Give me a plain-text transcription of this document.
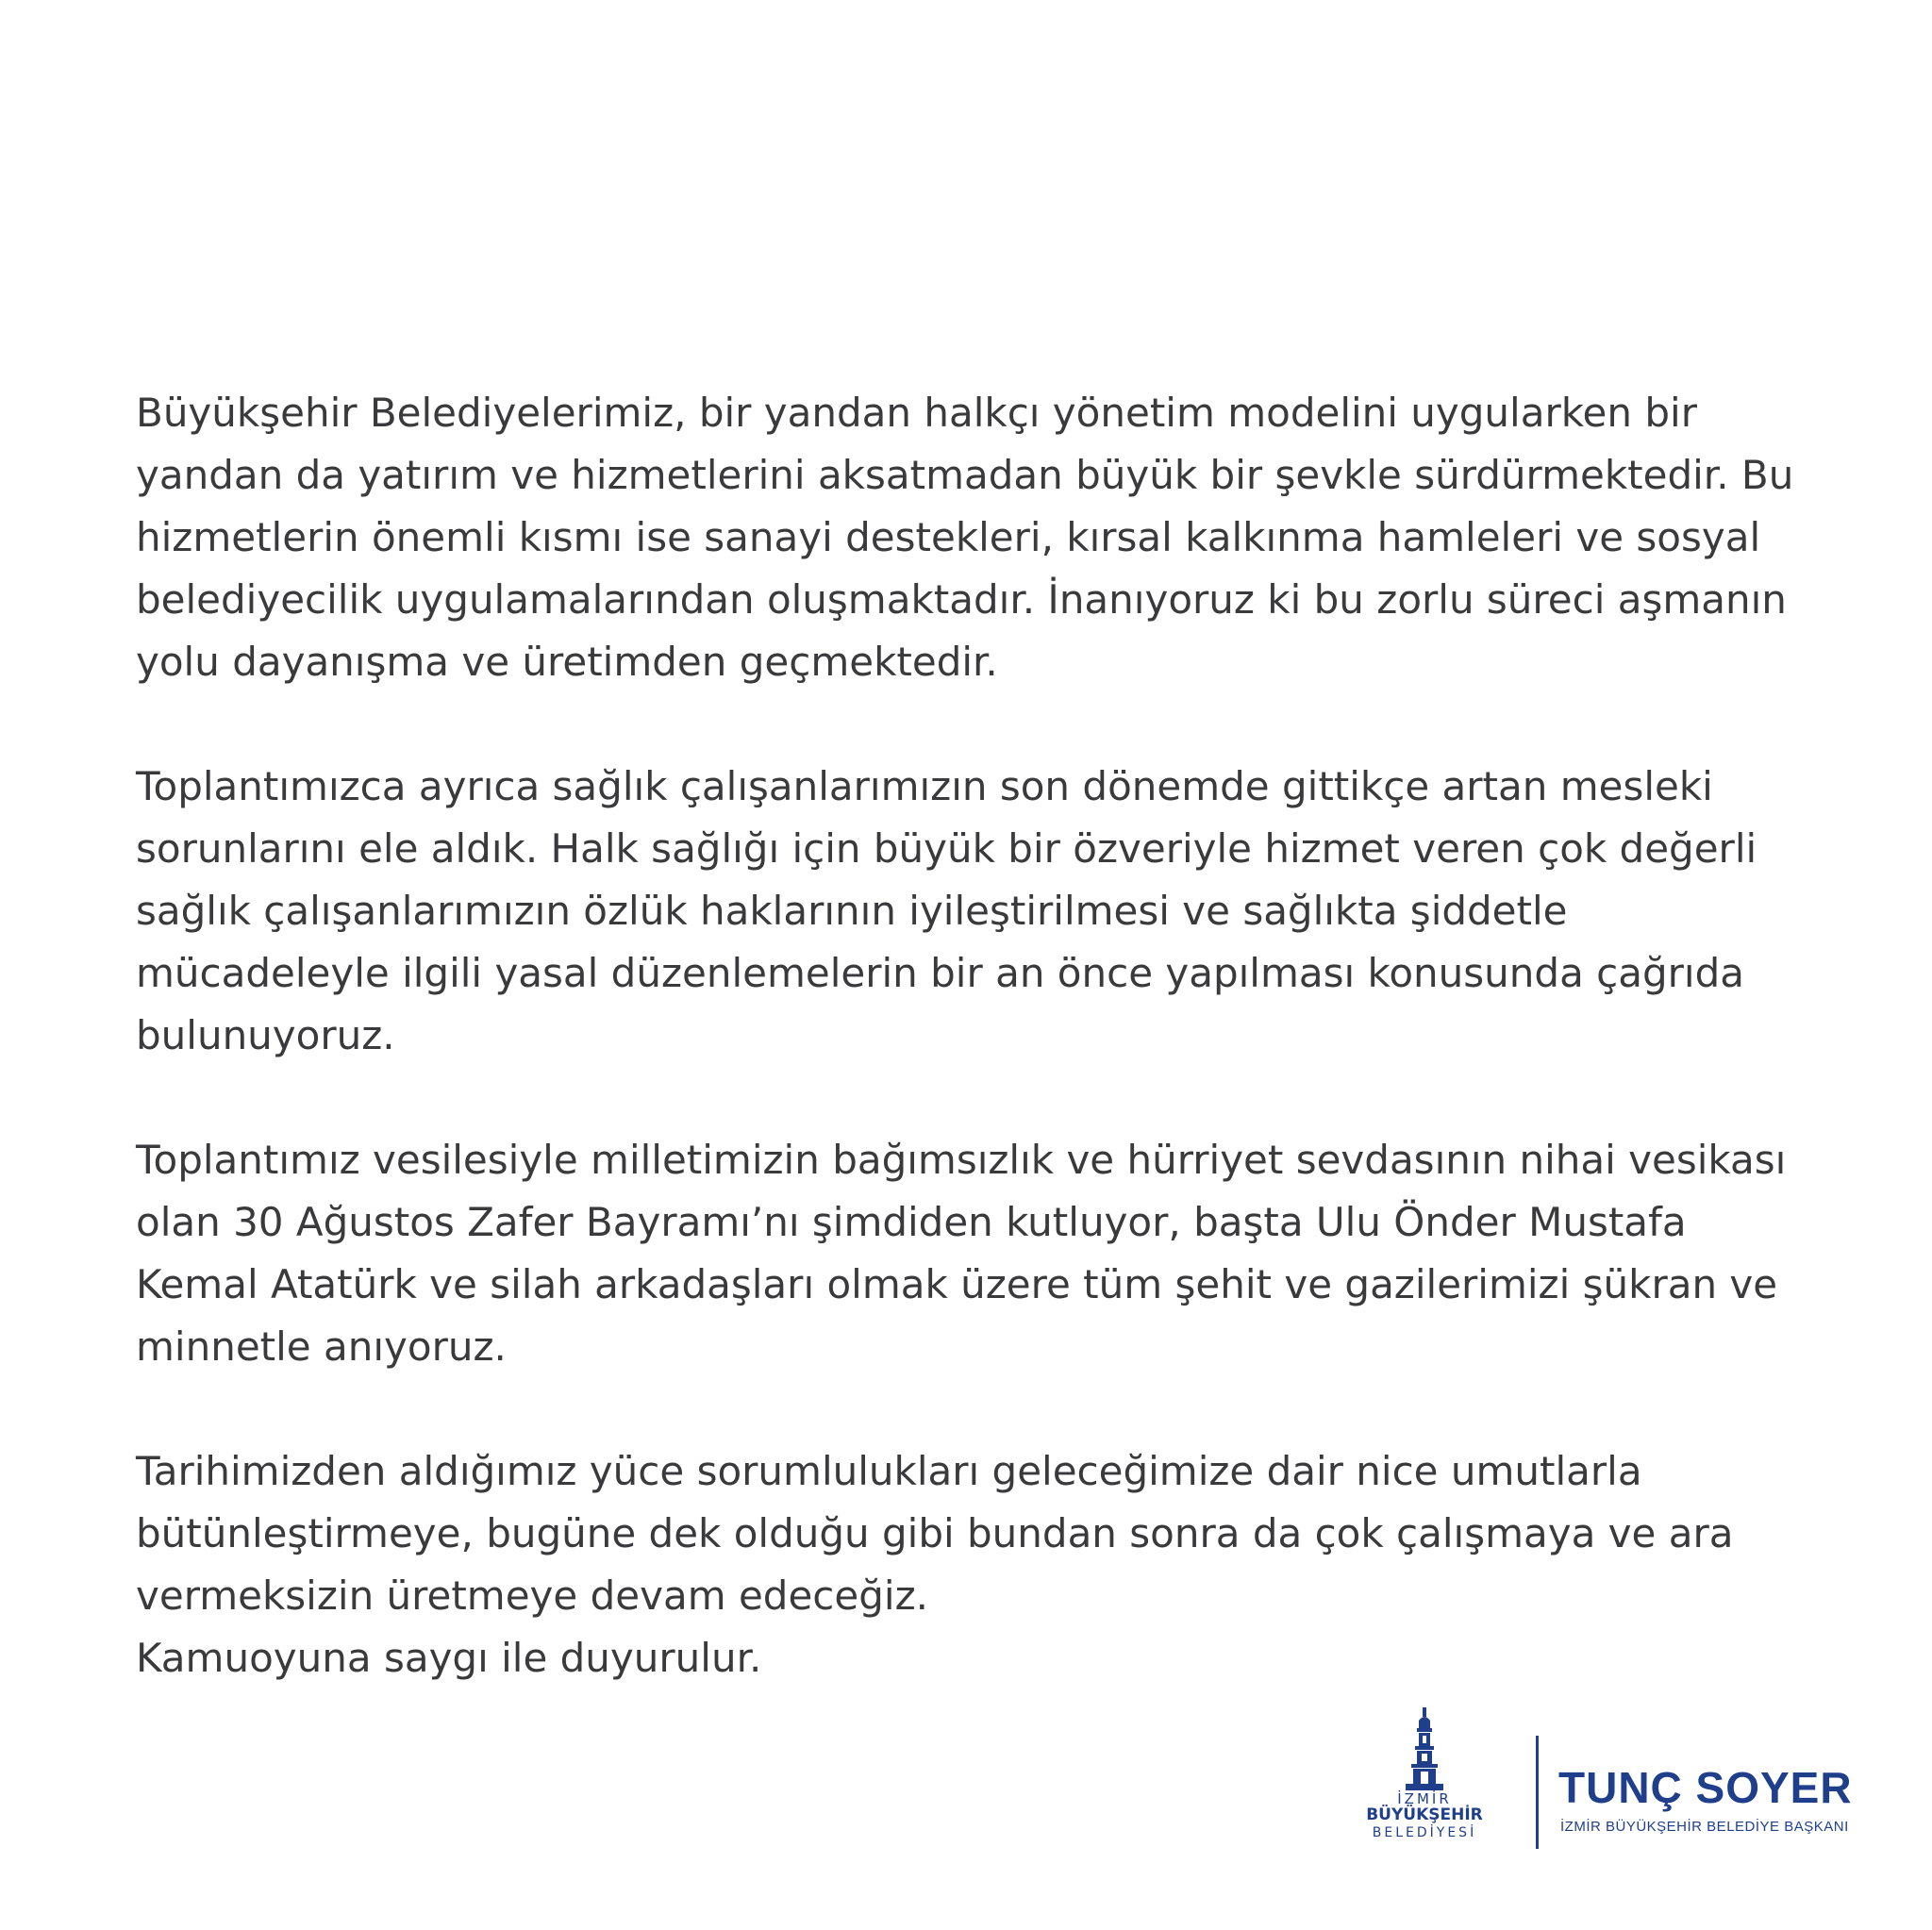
Büyükşehir Belediyelerimiz, bir yandan halkçı yönetim modelini uygularken bir
yandan da yatırım ve hizmetlerini aksatmadan büyük bir şevkle sürdürmektedir. Bu
hizmetlerin önemli kısmı ise sanayi destekleri, kırsal kalkınma hamleleri ve sosyal
belediyecilik uygulamalarından oluşmaktadır. İnanıyoruz ki bu zorlu süreci aşmanın
yolu dayanışma ve üretimden geçmektedir.
Toplantımızca ayrıca sağlık çalışanlarımızın son dönemde gittikçe artan mesleki
sorunlarını ele aldık. Halk sağlığı için büyük bir özveriyle hizmet veren çok değerli
sağlık çalışanlarımızın özlük haklarının iyileştirilmesi ve sağlıkta şiddetle
mücadeleyle ilgili yasal düzenlemelerin bir an önce yapılması konusunda çağrıda
bulunuyoruz.
Toplantımız vesilesiyle milletimizin bağımsızlık ve hürriyet sevdasının nihai vesikası
olan 30 Ağustos Zafer Bayramı’nı şimdiden kutluyor, başta Ulu Önder Mustafa
Kemal Atatürk ve silah arkadaşları olmak üzere tüm şehit ve gazilerimizi şükran ve
minnetle anıyoruz.
Tarihimizden aldığımız yüce sorumlulukları geleceğimize dair nice umutlarla
bütünleştirmeye, bugüne dek olduğu gibi bundan sonra da çok çalışmaya ve ara
vermeksizin üretmeye devam edeceğiz.
Kamuoyuna saygı ile duyurulur.
İZMİR
BÜYÜKŞEHİR
BELEDİYESİ
TUNÇ SOYER
İZMİR BÜYÜKŞEHİR BELEDİYE BAŞKANI
